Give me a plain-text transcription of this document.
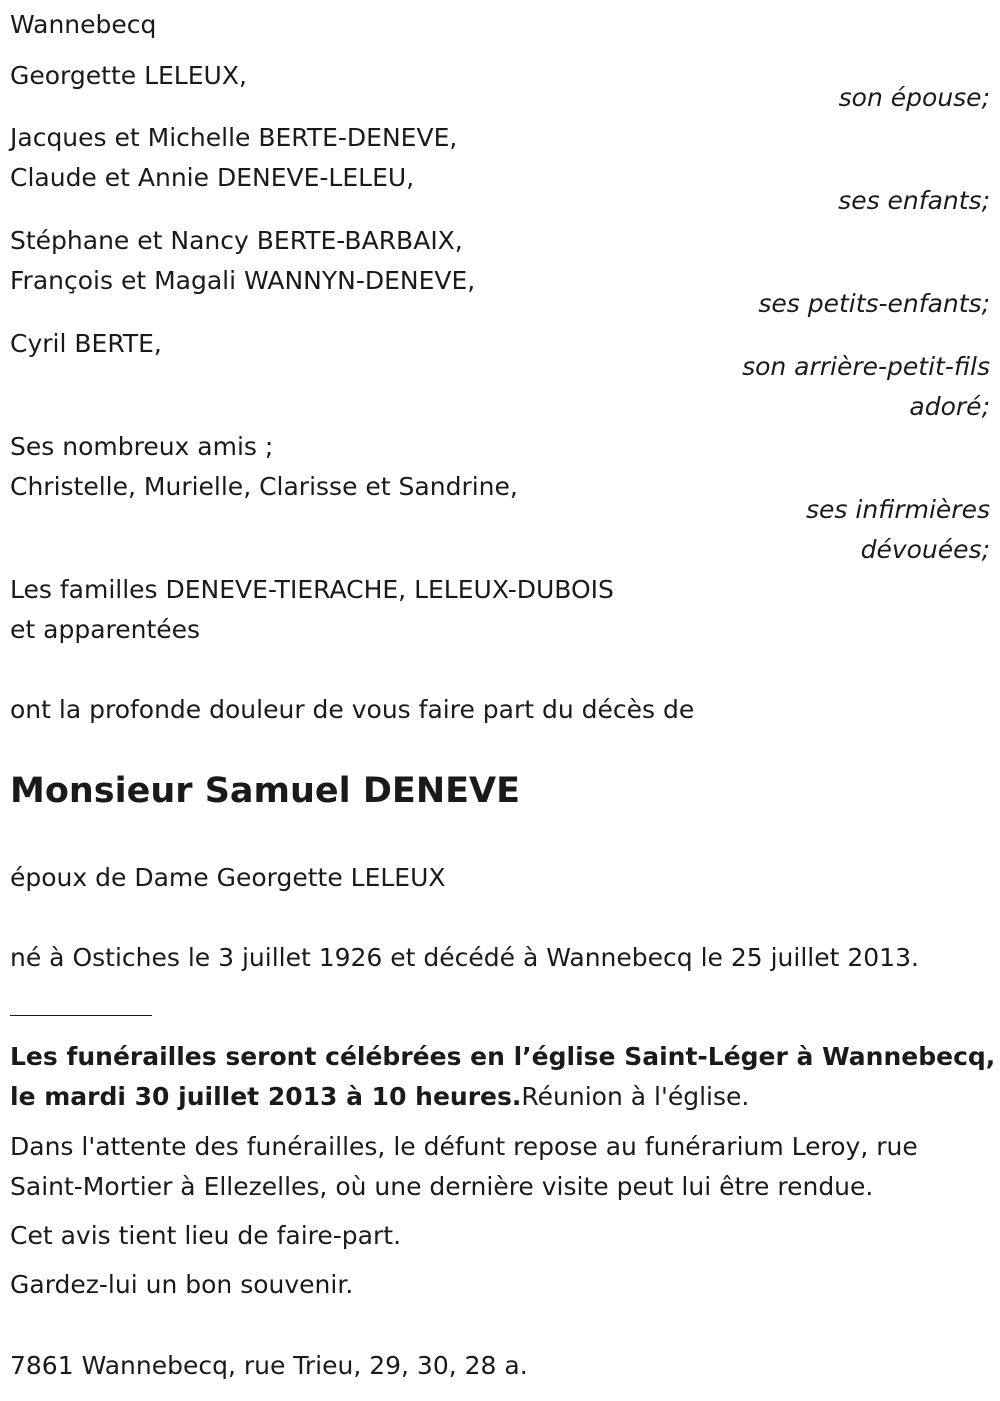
Wannebecq
Georgette LELEUX,
son épouse;
Jacques et Michelle BERTE-DENEVE,
Claude et Annie DENEVE-LELEU,
ses enfants;
Stéphane et Nancy BERTE-BARBAIX,
François et Magali WANNYN-DENEVE,
ses petits-enfants;
Cyril BERTE,
son arrière-petit-fils
adoré;
Ses nombreux amis ;
Christelle, Murielle, Clarisse et Sandrine,
ses infirmières
dévouées;
Les familles DENEVE-TIERACHE, LELEUX-DUBOIS
et apparentées
ont la profonde douleur de vous faire part du décès de
Monsieur Samuel DENEVE
époux de Dame Georgette LELEUX
né à Ostiches le 3 juillet 1926 et décédé à Wannebecq le 25 juillet 2013.
Les funérailles seront célébrées en l’église Saint-Léger à Wannebecq,
le mardi 30 juillet 2013 à 10 heures.Réunion à l'église.
Dans l'attente des funérailles, le défunt repose au funérarium Leroy, rue
Saint-Mortier à Ellezelles, où une dernière visite peut lui être rendue.
Cet avis tient lieu de faire-part.
Gardez-lui un bon souvenir.
7861 Wannebecq, rue Trieu, 29, 30, 28 a.
